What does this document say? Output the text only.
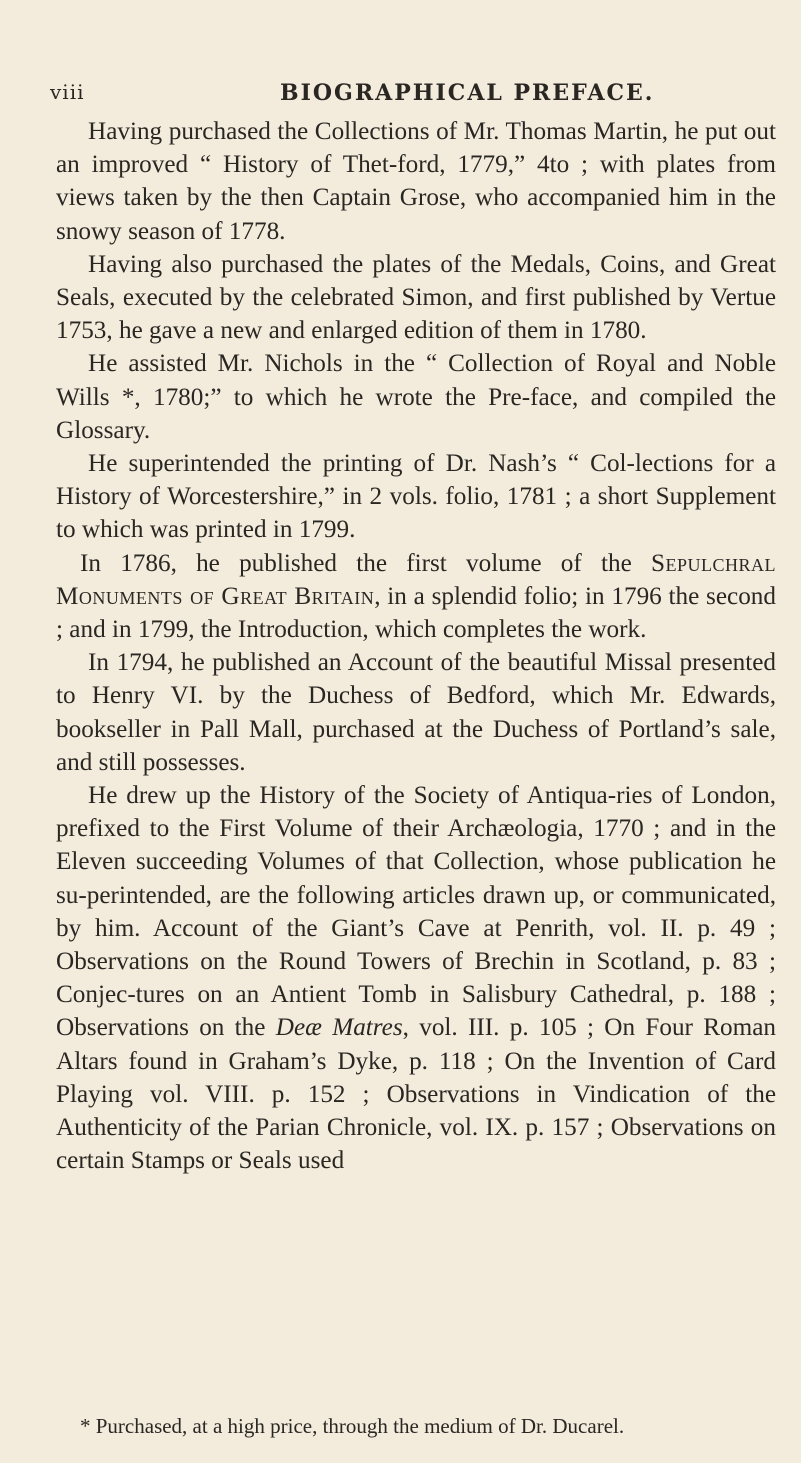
viii	BIOGRAPHICAL PREFACE.

Having purchased the Collections of Mr. Thomas Martin, he put out an improved “ History of Thet-ford, 1779,” 4to ; with plates from views taken by the then Captain Grose, who accompanied him in the snowy season of 1778.

Having also purchased the plates of the Medals, Coins, and Great Seals, executed by the celebrated Simon, and first published by Vertue 1753, he gave a new and enlarged edition of them in 1780.

He assisted Mr. Nichols in the “ Collection of Royal and Noble Wills *, 1780;” to which he wrote the Pre-face, and compiled the Glossary.

He superintended the printing of Dr. Nash’s “ Col-lections for a History of Worcestershire,” in 2 vols. folio, 1781 ; a short Supplement to which was printed in 1799.

In 1786, he published the first volume of the Sepulchral Monuments of Great Britain, in a splendid folio; in 1796 the second ; and in 1799, the Introduction, which completes the work.

In 1794, he published an Account of the beautiful Missal presented to Henry VI. by the Duchess of Bedford, which Mr. Edwards, bookseller in Pall Mall, purchased at the Duchess of Portland’s sale, and still possesses.

He drew up the History of the Society of Antiqua-ries of London, prefixed to the First Volume of their Archæologia, 1770 ; and in the Eleven succeeding Volumes of that Collection, whose publication he su-perintended, are the following articles drawn up, or communicated, by him. Account of the Giant’s Cave at Penrith, vol. II. p. 49 ; Observations on the Round Towers of Brechin in Scotland, p. 83 ; Conjec-tures on an Antient Tomb in Salisbury Cathedral, p. 188 ; Observations on the Deæ Matres, vol. III. p. 105 ; On Four Roman Altars found in Graham’s Dyke, p. 118 ; On the Invention of Card Playing vol. VIII. p. 152 ; Observations in Vindication of the Authenticity of the Parian Chronicle, vol. IX. p. 157 ; Observations on certain Stamps or Seals used

* Purchased, at a high price, through the medium of Dr. Ducarel.
